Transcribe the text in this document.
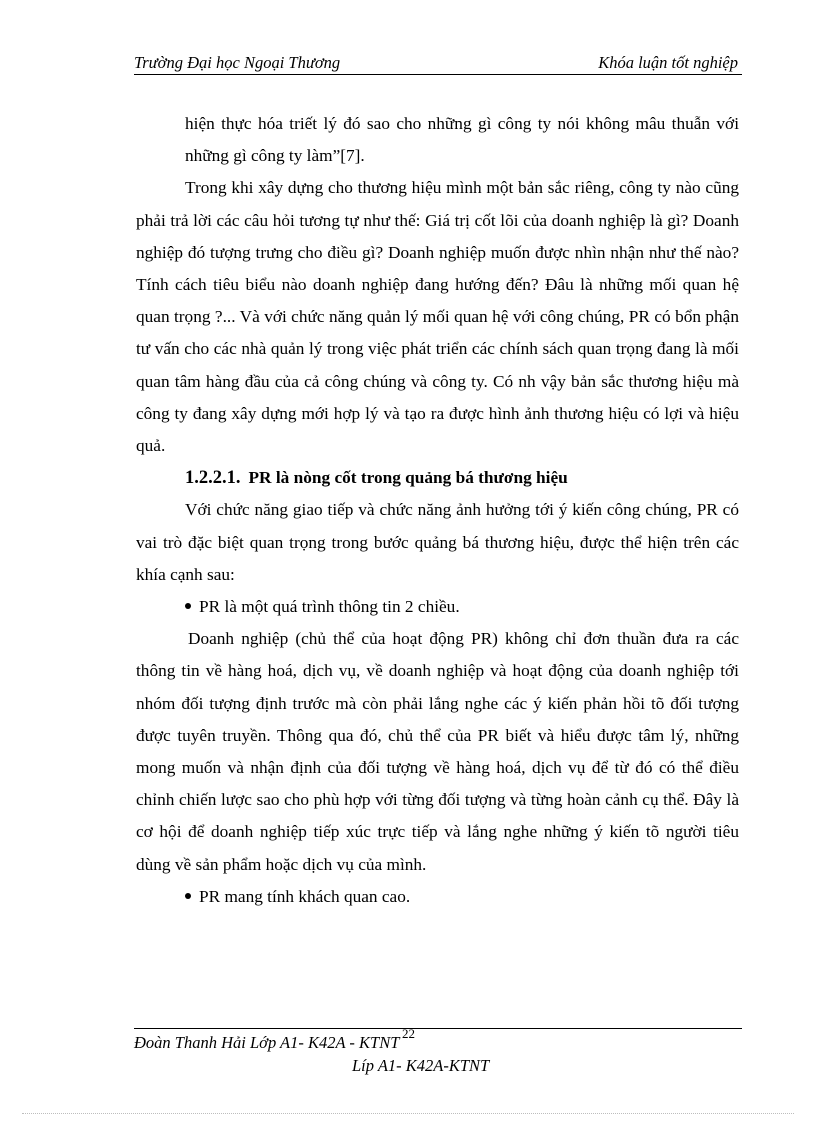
Trường Đại học Ngoại Thương	Khóa luận tốt nghiệp

hiện thực hóa triết lý đó sao cho những gì công ty nói không mâu thuẫn với những gì công ty làm”[7].

Trong khi xây dựng cho thương hiệu mình một bản sắc riêng, công ty nào cũng phải trả lời các câu hỏi tương tự như thế: Giá trị cốt lõi của doanh nghiệp là gì? Doanh nghiệp đó tượng trưng cho điều gì? Doanh nghiệp muốn được nhìn nhận như thế nào? Tính cách tiêu biểu nào doanh nghiệp đang hướng đến? Đâu là những mối quan hệ quan trọng ?... Và với chức năng quản lý mối quan hệ với công chúng, PR có bổn phận tư vấn cho các nhà quản lý trong việc phát triển các chính sách quan trọng đang là mối quan tâm hàng đầu của cả công chúng và công ty. Có nh vậy bản sắc thương hiệu mà công ty đang xây dựng mới hợp lý và tạo ra được hình ảnh thương hiệu có lợi và hiệu quả.

1.2.2.1. PR là nòng cốt trong quảng bá thương hiệu

Với chức năng giao tiếp và chức năng ảnh hưởng tới ý kiến công chúng, PR có vai trò đặc biệt quan trọng trong bước quảng bá thương hiệu, được thể hiện trên các khía cạnh sau:

PR là một quá trình thông tin 2 chiều.

Doanh nghiệp (chủ thể của hoạt động PR) không chỉ đơn thuần đưa ra các thông tin về hàng hoá, dịch vụ, về doanh nghiệp và hoạt động của doanh nghiệp tới nhóm đối tượng định trước mà còn phải lắng nghe các ý kiến phản hồi tõ đối tượng được tuyên truyền. Thông qua đó, chủ thể của PR biết và hiểu được tâm lý, những mong muốn và nhận định của đối tượng về hàng hoá, dịch vụ để từ đó có thể điều chỉnh chiến lược sao cho phù hợp với từng đối tượng và từng hoàn cảnh cụ thể. Đây là cơ hội để doanh nghiệp tiếp xúc trực tiếp và lắng nghe những ý kiến tõ người tiêu dùng về sản phẩm hoặc dịch vụ của mình.

PR mang tính khách quan cao.

Đoàn Thanh Hải Lớp A1- K42A - KTNT 22
Líp A1- K42A-KTNT
